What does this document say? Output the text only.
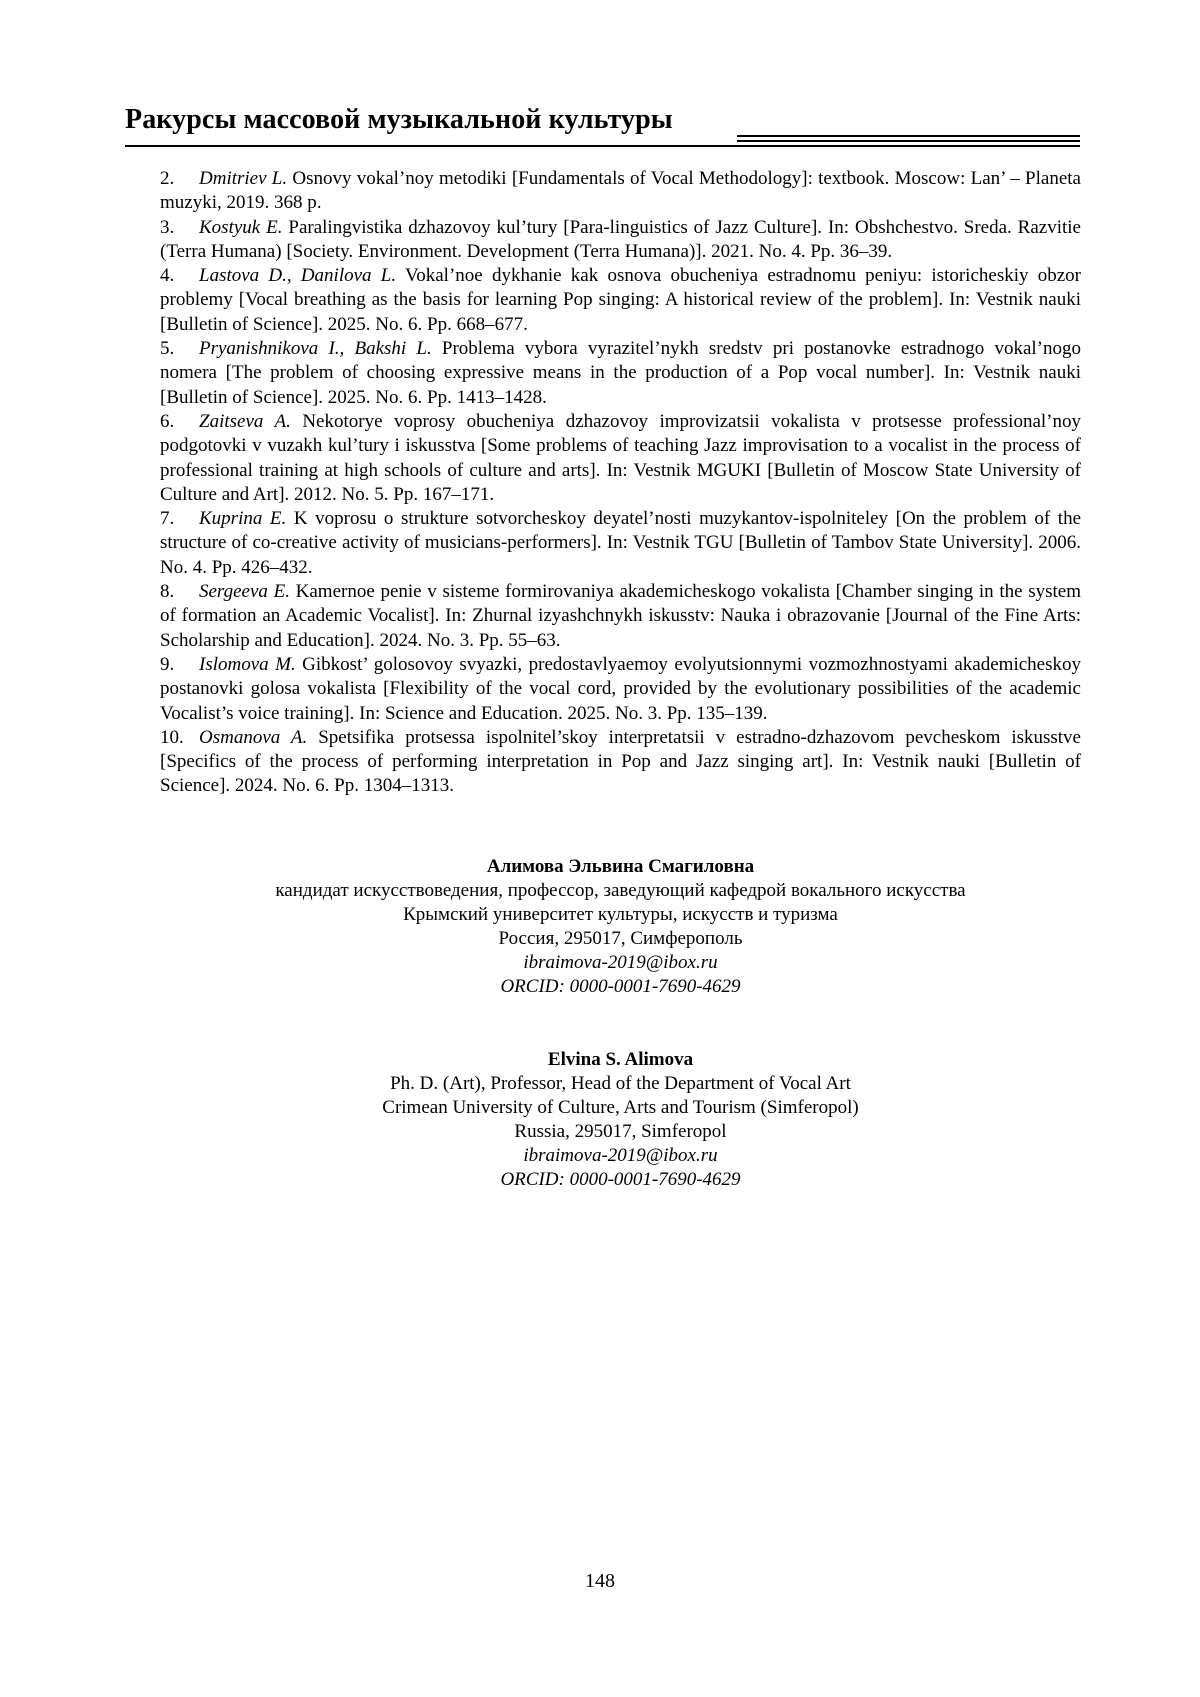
Ракурсы массовой музыкальной культуры

2. Dmitriev L. Osnovy vokal’noy metodiki [Fundamentals of Vocal Methodology]: textbook. Moscow: Lan’ – Planeta muzyki, 2019. 368 p.

3. Kostyuk E. Paralingvistika dzhazovoy kul’tury [Para-linguistics of Jazz Culture]. In: Obshchestvo. Sreda. Razvitie (Terra Humana) [Society. Environment. Development (Terra Humana)]. 2021. No. 4. Pp. 36–39.

4. Lastova D., Danilova L. Vokal’noe dykhanie kak osnova obucheniya estradnomu peniyu: istoricheskiy obzor problemy [Vocal breathing as the basis for learning Pop singing: A historical review of the problem]. In: Vestnik nauki [Bulletin of Science]. 2025. No. 6. Pp. 668–677.

5. Pryanishnikova I., Bakshi L. Problema vybora vyrazitel’nykh sredstv pri postanovke estradnogo vokal’nogo nomera [The problem of choosing expressive means in the production of a Pop vocal number]. In: Vestnik nauki [Bulletin of Science]. 2025. No. 6. Pp. 1413–1428.

6. Zaitseva A. Nekotorye voprosy obucheniya dzhazovoy improvizatsii vokalista v protsesse professional’noy podgotovki v vuzakh kul’tury i iskusstva [Some problems of teaching Jazz improvisation to a vocalist in the process of professional training at high schools of culture and arts]. In: Vestnik MGUKI [Bulletin of Moscow State University of Culture and Art]. 2012. No. 5. Pp. 167–171.

7. Kuprina E. K voprosu o strukture sotvorcheskoy deyatel’nosti muzykantov-ispolniteley [On the problem of the structure of co-creative activity of musicians-performers]. In: Vestnik TGU [Bulletin of Tambov State University]. 2006. No. 4. Pp. 426–432.

8. Sergeeva E. Kamernoe penie v sisteme formirovaniya akademicheskogo vokalista [Chamber singing in the system of formation an Academic Vocalist]. In: Zhurnal izyashchnykh iskusstv: Nauka i obrazovanie [Journal of the Fine Arts: Scholarship and Education]. 2024. No. 3. Pp. 55–63.

9. Islomova M. Gibkost’ golosovoy svyazki, predostavlyaemoy evolyutsionnymi vozmozhnostyami akademicheskoy postanovki golosa vokalista [Flexibility of the vocal cord, provided by the evolutionary possibilities of the academic Vocalist’s voice training]. In: Science and Education. 2025. No. 3. Pp. 135–139.

10. Osmanova A. Spetsifika protsessa ispolnitel’skoy interpretatsii v estradno-dzhazovom pevcheskom iskusstve [Specifics of the process of performing interpretation in Pop and Jazz singing art]. In: Vestnik nauki [Bulletin of Science]. 2024. No. 6. Pp. 1304–1313.

Алимова Эльвина Смагиловна
кандидат искусствоведения, профессор, заведующий кафедрой вокального искусства
Крымский университет культуры, искусств и туризма
Россия, 295017, Симферополь
ibraimova-2019@ibox.ru
ORCID: 0000-0001-7690-4629
Elvina S. Alimova
Ph. D. (Art), Professor, Head of the Department of Vocal Art
Crimean University of Culture, Arts and Tourism (Simferopol)
Russia, 295017, Simferopol
ibraimova-2019@ibox.ru
ORCID: 0000-0001-7690-4629
148
